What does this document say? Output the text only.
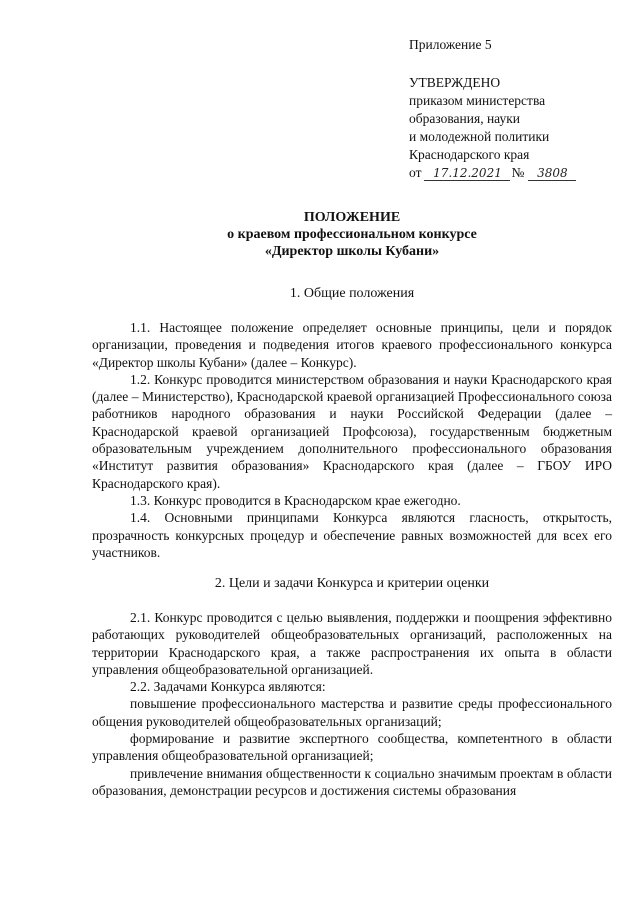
Приложение 5
УТВЕРЖДЕНО
приказом министерства
образования, науки
и молодежной политики
Краснодарского края
от 17.12.2021 №	3808
ПОЛОЖЕНИЕ
о краевом профессиональном конкурсе
«Директор школы Кубани»
1. Общие положения

1.1. Настоящее положение определяет основные принципы, цели и порядок организации, проведения и подведения итогов краевого профессионального конкурса «Директор школы Кубани» (далее – Конкурс).

1.2. Конкурс проводится министерством образования и науки Краснодарского края (далее – Министерство), Краснодарской краевой организацией Профессионального союза работников народного образования и науки Российской Федерации (далее – Краснодарской краевой организацией Профсоюза), государственным бюджетным образовательным учреждением дополнительного профессионального образования «Институт развития образования» Краснодарского края (далее – ГБОУ ИРО Краснодарского края).

1.3. Конкурс проводится в Краснодарском крае ежегодно.

1.4. Основными принципами Конкурса являются гласность, открытость, прозрачность конкурсных процедур и обеспечение равных возможностей для всех его участников.

2. Цели и задачи Конкурса и критерии оценки

2.1. Конкурс проводится с целью выявления, поддержки и поощрения эффективно работающих руководителей общеобразовательных организаций, расположенных на территории Краснодарского края, а также распространения их опыта в области управления общеобразовательной организацией.

2.2. Задачами Конкурса являются:

повышение профессионального мастерства и развитие среды профессионального общения руководителей общеобразовательных организаций;

формирование и развитие экспертного сообщества, компетентного в области управления общеобразовательной организацией;

привлечение внимания общественности к социально значимым проектам в области образования, демонстрации ресурсов и достижения системы образования
